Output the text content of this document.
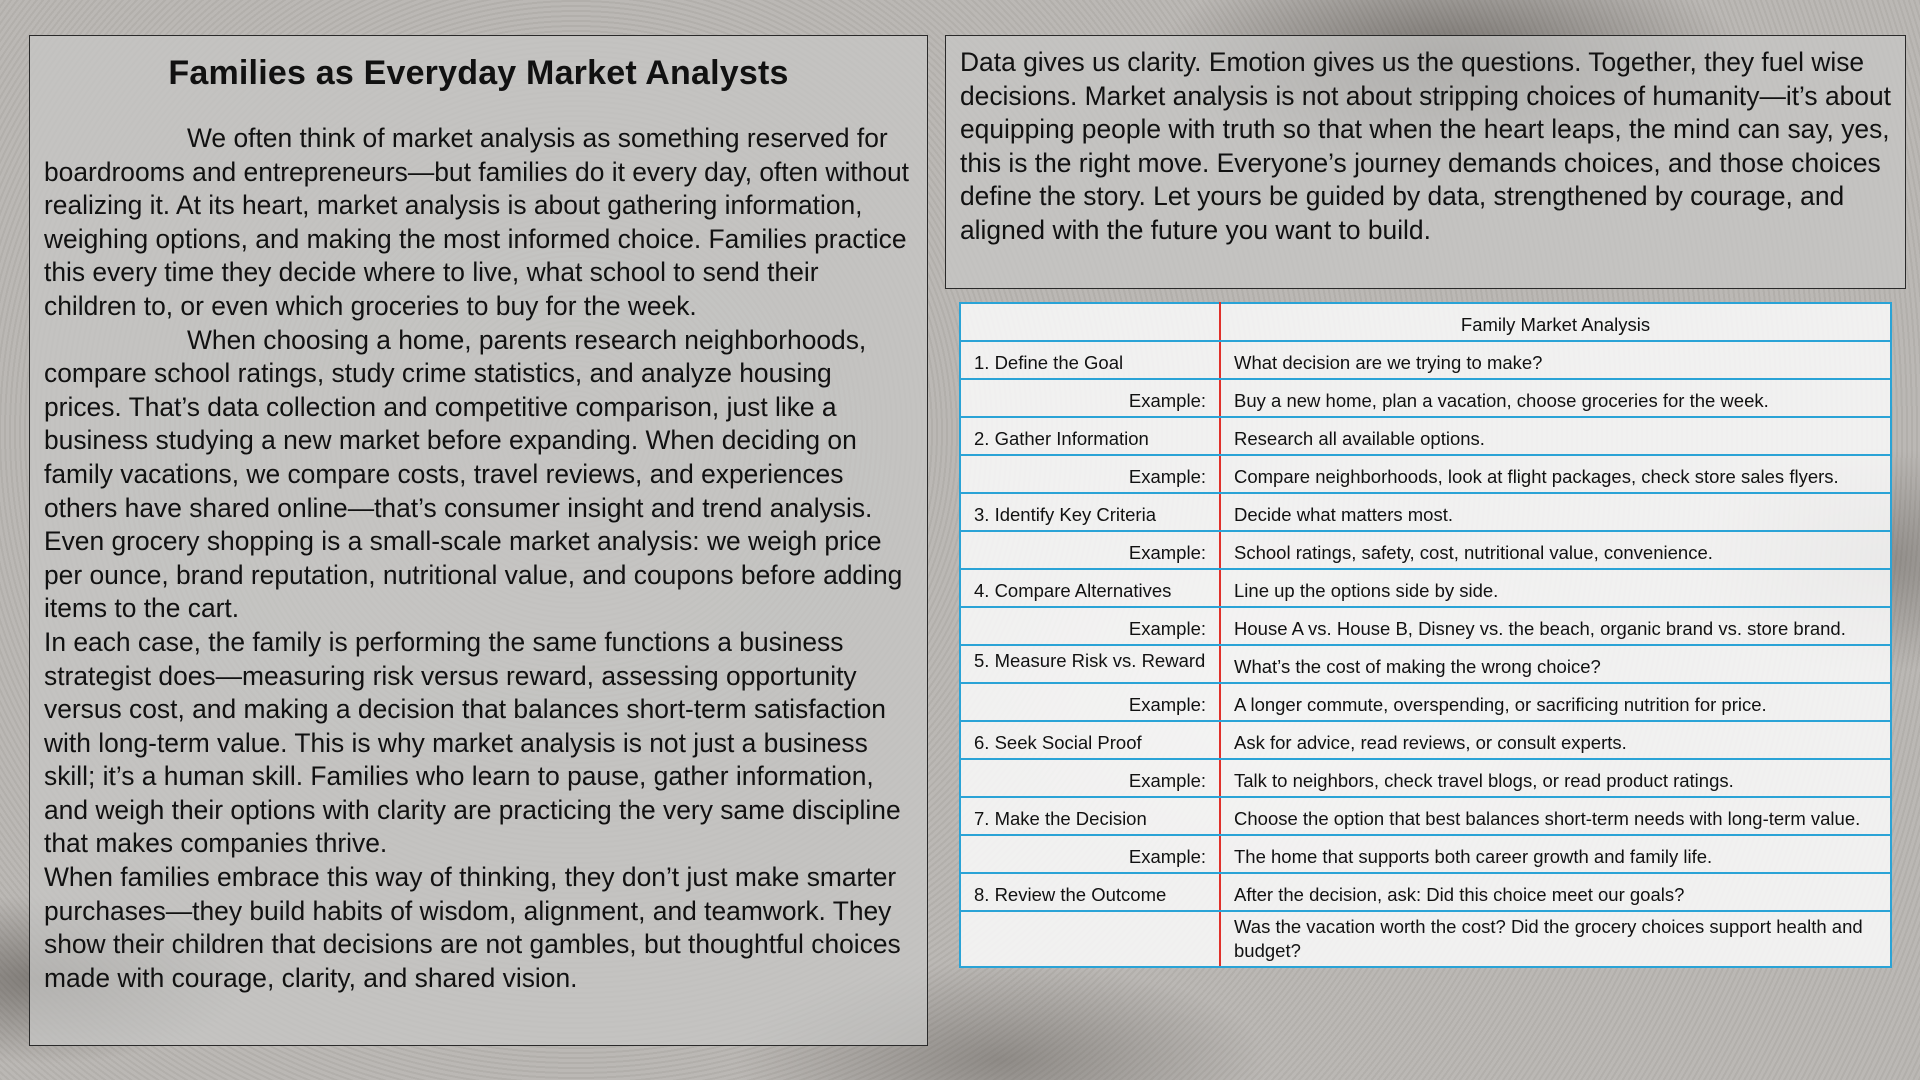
Families as Everyday Market Analysts

We often think of market analysis as something reserved for boardrooms and entrepreneurs—but families do it every day, often without realizing it. At its heart, market analysis is about gathering information, weighing options, and making the most informed choice. Families practice this every time they decide where to live, what school to send their children to, or even which groceries to buy for the week.

When choosing a home, parents research neighborhoods, compare school ratings, study crime statistics, and analyze housing prices. That’s data collection and competitive comparison, just like a business studying a new market before expanding. When deciding on family vacations, we compare costs, travel reviews, and experiences others have shared online—that’s consumer insight and trend analysis. Even grocery shopping is a small-scale market analysis: we weigh price per ounce, brand reputation, nutritional value, and coupons before adding items to the cart.

In each case, the family is performing the same functions a business strategist does—measuring risk versus reward, assessing opportunity versus cost, and making a decision that balances short-term satisfaction with long-term value. This is why market analysis is not just a business skill; it’s a human skill. Families who learn to pause, gather information, and weigh their options with clarity are practicing the very same discipline that makes companies thrive.

When families embrace this way of thinking, they don’t just make smarter purchases—they build habits of wisdom, alignment, and teamwork. They show their children that decisions are not gambles, but thoughtful choices made with courage, clarity, and shared vision.

Data gives us clarity. Emotion gives us the questions. Together, they fuel wise decisions. Market analysis is not about stripping choices of humanity—it’s about equipping people with truth so that when the heart leaps, the mind can say, yes, this is the right move. Everyone’s journey demands choices, and those choices define the story. Let yours be guided by data, strengthened by courage, and aligned with the future you want to build.

	Family Market Analysis
1. Define the Goal	What decision are we trying to make?
Example:	Buy a new home, plan a vacation, choose groceries for the week.
2. Gather Information	Research all available options.
Example:	Compare neighborhoods, look at flight packages, check store sales flyers.
3. Identify Key Criteria	Decide what matters most.
Example:	School ratings, safety, cost, nutritional value, convenience.
4. Compare Alternatives	Line up the options side by side.
Example:	House A vs. House B, Disney vs. the beach, organic brand vs. store brand.
5. Measure Risk vs. Reward	What’s the cost of making the wrong choice?
Example:	A longer commute, overspending, or sacrificing nutrition for price.
6. Seek Social Proof	Ask for advice, read reviews, or consult experts.
Example:	Talk to neighbors, check travel blogs, or read product ratings.
7. Make the Decision	Choose the option that best balances short-term needs with long-term value.
Example:	The home that supports both career growth and family life.
8. Review the Outcome	After the decision, ask: Did this choice meet our goals?
	Was the vacation worth the cost? Did the grocery choices support health and budget?
